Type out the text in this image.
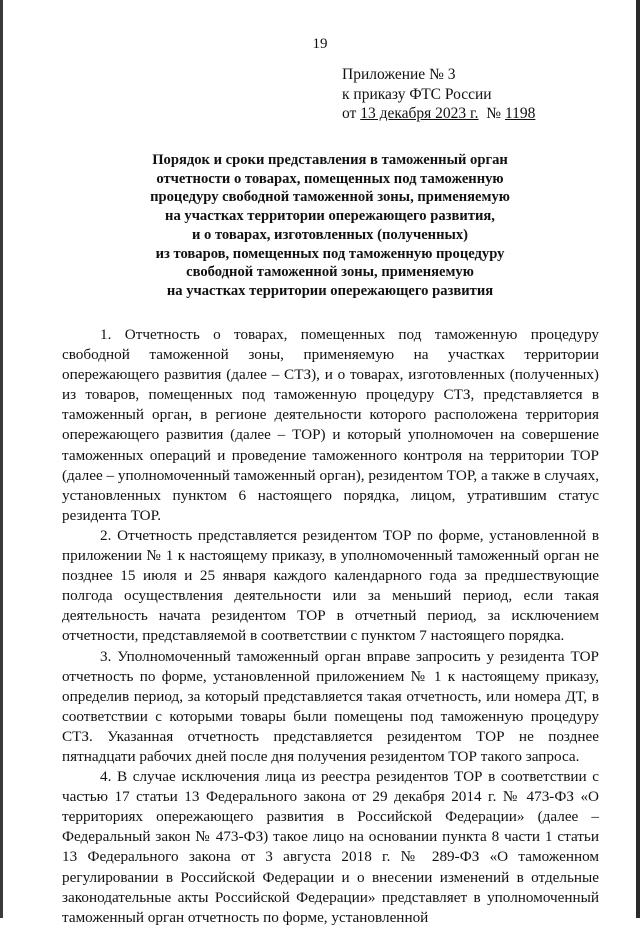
19
Приложение № 3
к приказу ФТС России
от 13 декабря 2023 г.  № 1198
Порядок и сроки представления в таможенный орган
отчетности о товарах, помещенных под таможенную
процедуру свободной таможенной зоны, применяемую
на участках территории опережающего развития,
и о товарах, изготовленных (полученных)
из товаров, помещенных под таможенную процедуру
свободной таможенной зоны, применяемую
на участках территории опережающего развития

1. Отчетность о товарах, помещенных под таможенную процедуру свободной таможенной зоны, применяемую на участках территории опережающего развития (далее – СТЗ), и о товарах, изготовленных (полученных) из товаров, помещенных под таможенную процедуру СТЗ, представляется в таможенный орган, в регионе деятельности которого расположена территория опережающего развития (далее – ТОР) и который уполномочен на совершение таможенных операций и проведение таможенного контроля на территории ТОР (далее – уполномоченный таможенный орган), резидентом ТОР, а также в случаях, установленных пунктом 6 настоящего порядка, лицом, утратившим статус резидента ТОР.

2. Отчетность представляется резидентом ТОР по форме, установленной в приложении № 1 к настоящему приказу, в уполномоченный таможенный орган не позднее 15 июля и 25 января каждого календарного года за предшествующие полгода осуществления деятельности или за меньший период, если такая деятельность начата резидентом ТОР в отчетный период, за исключением отчетности, представляемой в соответствии с пунктом 7 настоящего порядка.

3. Уполномоченный таможенный орган вправе запросить у резидента ТОР отчетность по форме, установленной приложением № 1 к настоящему приказу, определив период, за который представляется такая отчетность, или номера ДТ, в соответствии с которыми товары были помещены под таможенную процедуру СТЗ. Указанная отчетность представляется резидентом ТОР не позднее пятнадцати рабочих дней после дня получения резидентом ТОР такого запроса.

4. В случае исключения лица из реестра резидентов ТОР в соответствии с частью 17 статьи 13 Федерального закона от 29 декабря 2014 г. № 473-ФЗ «О территориях опережающего развития в Российской Федерации» (далее – Федеральный закон № 473-ФЗ) такое лицо на основании пункта 8 части 1 статьи 13 Федерального закона от 3 августа 2018 г. № 289-ФЗ «О таможенном регулировании в Российской Федерации и о внесении изменений в отдельные законодательные акты Российской Федерации» представляет в уполномоченный таможенный орган отчетность по форме, установленной
